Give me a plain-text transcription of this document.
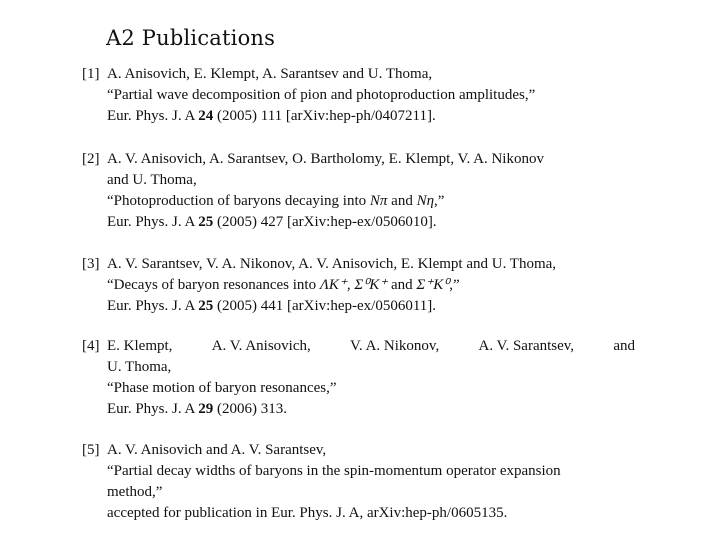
A2 Publications
[1] A. Anisovich, E. Klempt, A. Sarantsev and U. Thoma,
“Partial wave decomposition of pion and photoproduction amplitudes,”
Eur. Phys. J. A 24 (2005) 111 [arXiv:hep-ph/0407211].
[2] A. V. Anisovich, A. Sarantsev, O. Bartholomy, E. Klempt, V. A. Nikonov
and U. Thoma,
“Photoproduction of baryons decaying into Nπ and Nη,”
Eur. Phys. J. A 25 (2005) 427 [arXiv:hep-ex/0506010].
[3] A. V. Sarantsev, V. A. Nikonov, A. V. Anisovich, E. Klempt and U. Thoma,
“Decays of baryon resonances into ΛK⁺, Σ⁰K⁺ and Σ⁺K⁰,”
Eur. Phys. J. A 25 (2005) 441 [arXiv:hep-ex/0506011].
[4] E. Klempt,	A. V. Anisovich,	V. A. Nikonov,	A. V. Sarantsev,	and
U. Thoma,
“Phase motion of baryon resonances,”
Eur. Phys. J. A 29 (2006) 313.
[5] A. V. Anisovich and A. V. Sarantsev,
“Partial decay widths of baryons in the spin-momentum operator expansion
method,”
accepted for publication in Eur. Phys. J. A, arXiv:hep-ph/0605135.
